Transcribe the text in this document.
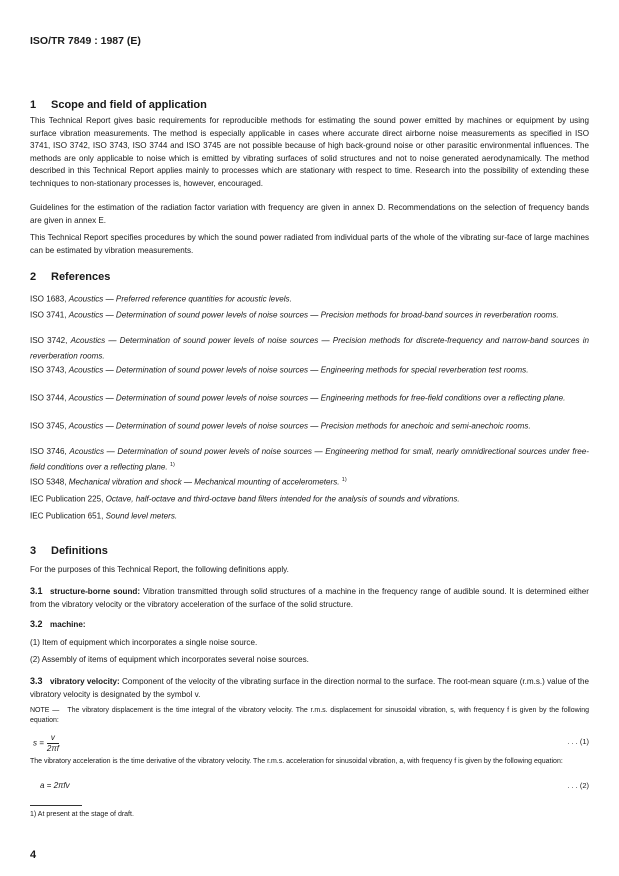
ISO/TR 7849 : 1987 (E)
1 Scope and field of application
This Technical Report gives basic requirements for reproducible methods for estimating the sound power emitted by machines or equipment by using surface vibration measurements. The method is especially applicable in cases where accurate direct airborne noise measurements as specified in ISO 3741, ISO 3742, ISO 3743, ISO 3744 and ISO 3745 are not possible because of high back-ground noise or other parasitic environmental influences. The methods are only applicable to noise which is emitted by vibrating surfaces of solid structures and not to noise generated aerodynamically. The method described in this Technical Report applies mainly to processes which are stationary with respect to time. Research into the possibility of extending these techniques to non-stationary processes is, however, encouraged.
Guidelines for the estimation of the radiation factor variation with frequency are given in annex D. Recommendations on the selection of frequency bands are given in annex E.
This Technical Report specifies procedures by which the sound power radiated from individual parts of the whole of the vibrating sur-face of large machines can be estimated by vibration measurements.
2 References
ISO 1683, Acoustics — Preferred reference quantities for acoustic levels.
ISO 3741, Acoustics — Determination of sound power levels of noise sources — Precision methods for broad-band sources in reverberation rooms.
ISO 3742, Acoustics — Determination of sound power levels of noise sources — Precision methods for discrete-frequency and narrow-band sources in reverberation rooms.
ISO 3743, Acoustics — Determination of sound power levels of noise sources — Engineering methods for special reverberation test rooms.
ISO 3744, Acoustics — Determination of sound power levels of noise sources — Engineering methods for free-field conditions over a reflecting plane.
ISO 3745, Acoustics — Determination of sound power levels of noise sources — Precision methods for anechoic and semi-anechoic rooms.
ISO 3746, Acoustics — Determination of sound power levels of noise sources — Engineering method for small, nearly omnidirectional sources under free-field conditions over a reflecting plane. $^{1)}$
ISO 5348, Mechanical vibration and shock — Mechanical mounting of accelerometers. $^{1)}$
IEC Publication 225, Octave, half-octave and third-octave band filters intended for the analysis of sounds and vibrations.
IEC Publication 651, Sound level meters.
3 Definitions
For the purposes of this Technical Report, the following definitions apply.
3.1 structure-borne sound: Vibration transmitted through solid structures of a machine in the frequency range of audible sound. It is determined either from the vibratory velocity or the vibratory acceleration of the surface of the solid structure.
3.2 machine:
(1) Item of equipment which incorporates a single noise source.
(2) Assembly of items of equipment which incorporates several noise sources.
3.3 vibratory velocity: Component of the velocity of the vibrating surface in the direction normal to the surface. The root-mean square (r.m.s.) value of the vibratory velocity is designated by the symbol v.
NOTE — The vibratory displacement is the time integral of the vibratory velocity. The r.m.s. displacement for sinusoidal vibration, s, with frequency f is given by the following equation:
$s = \frac{v}{2\pi f}$	. . . (1)
The vibratory acceleration is the time derivative of the vibratory velocity. The r.m.s. acceleration for sinusoidal vibration, a, with frequency f is given by the following equation:
a = 2πfv	. . . (2)
1) At present at the stage of draft.
4
